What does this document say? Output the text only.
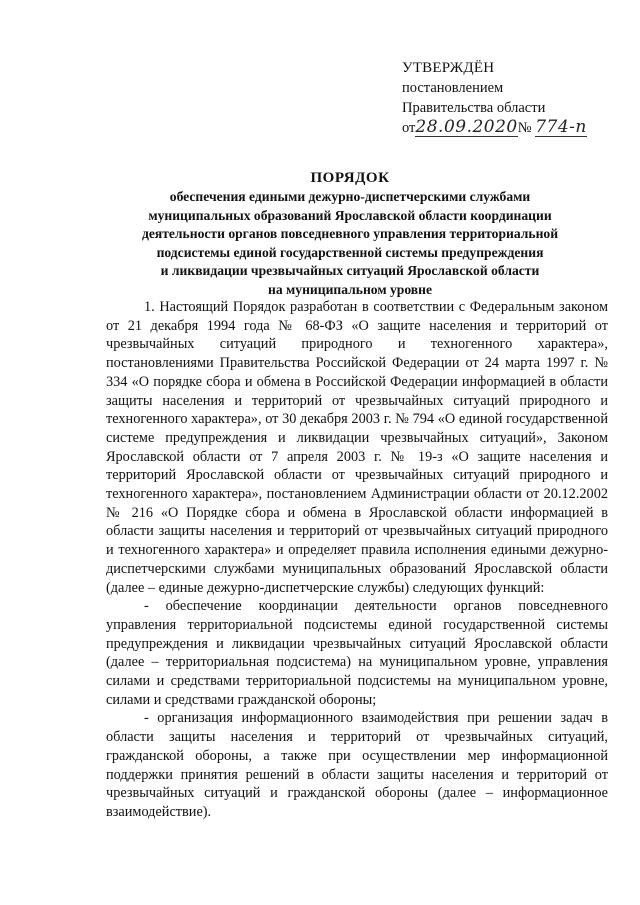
УТВЕРЖДЁН
постановлением
Правительства области
от28.09.2020№ 774-п
ПОРЯДОК
обеспечения едиными дежурно-диспетчерскими службами
муниципальных образований Ярославской области координации
деятельности органов повседневного управления территориальной
подсистемы единой государственной системы предупреждения
и ликвидации чрезвычайных ситуаций Ярославской области
на муниципальном уровне

1. Настоящий Порядок разработан в соответствии с Федеральным законом от 21 декабря 1994 года № 68-ФЗ «О защите населения и территорий от чрезвычайных ситуаций природного и техногенного характера», постановлениями Правительства Российской Федерации от 24 марта 1997 г. № 334 «О порядке сбора и обмена в Российской Федерации информацией в области защиты населения и территорий от чрезвычайных ситуаций природного и техногенного характера», от 30 декабря 2003 г. № 794 «О единой государственной системе предупреждения и ликвидации чрезвычайных ситуаций», Законом Ярославской области от 7 апреля 2003 г. № 19-з «О защите населения и территорий Ярославской области от чрезвычайных ситуаций природного и техногенного характера», постановлением Администрации области от 20.12.2002 № 216 «О Порядке сбора и обмена в Ярославской области информацией в области защиты населения и территорий от чрезвычайных ситуаций природного и техногенного характера» и определяет правила исполнения едиными дежурно-диспетчерскими службами муниципальных образований Ярославской области (далее – единые дежурно-диспетчерские службы) следующих функций:

- обеспечение координации деятельности органов повседневного управления территориальной подсистемы единой государственной системы предупреждения и ликвидации чрезвычайных ситуаций Ярославской области (далее – территориальная подсистема) на муниципальном уровне, управления силами и средствами территориальной подсистемы на муниципальном уровне, силами и средствами гражданской обороны;

- организация информационного взаимодействия при решении задач в области защиты населения и территорий от чрезвычайных ситуаций, гражданской обороны, а также при осуществлении мер информационной поддержки принятия решений в области защиты населения и территорий от чрезвычайных ситуаций и гражданской обороны (далее – информационное взаимодействие).
